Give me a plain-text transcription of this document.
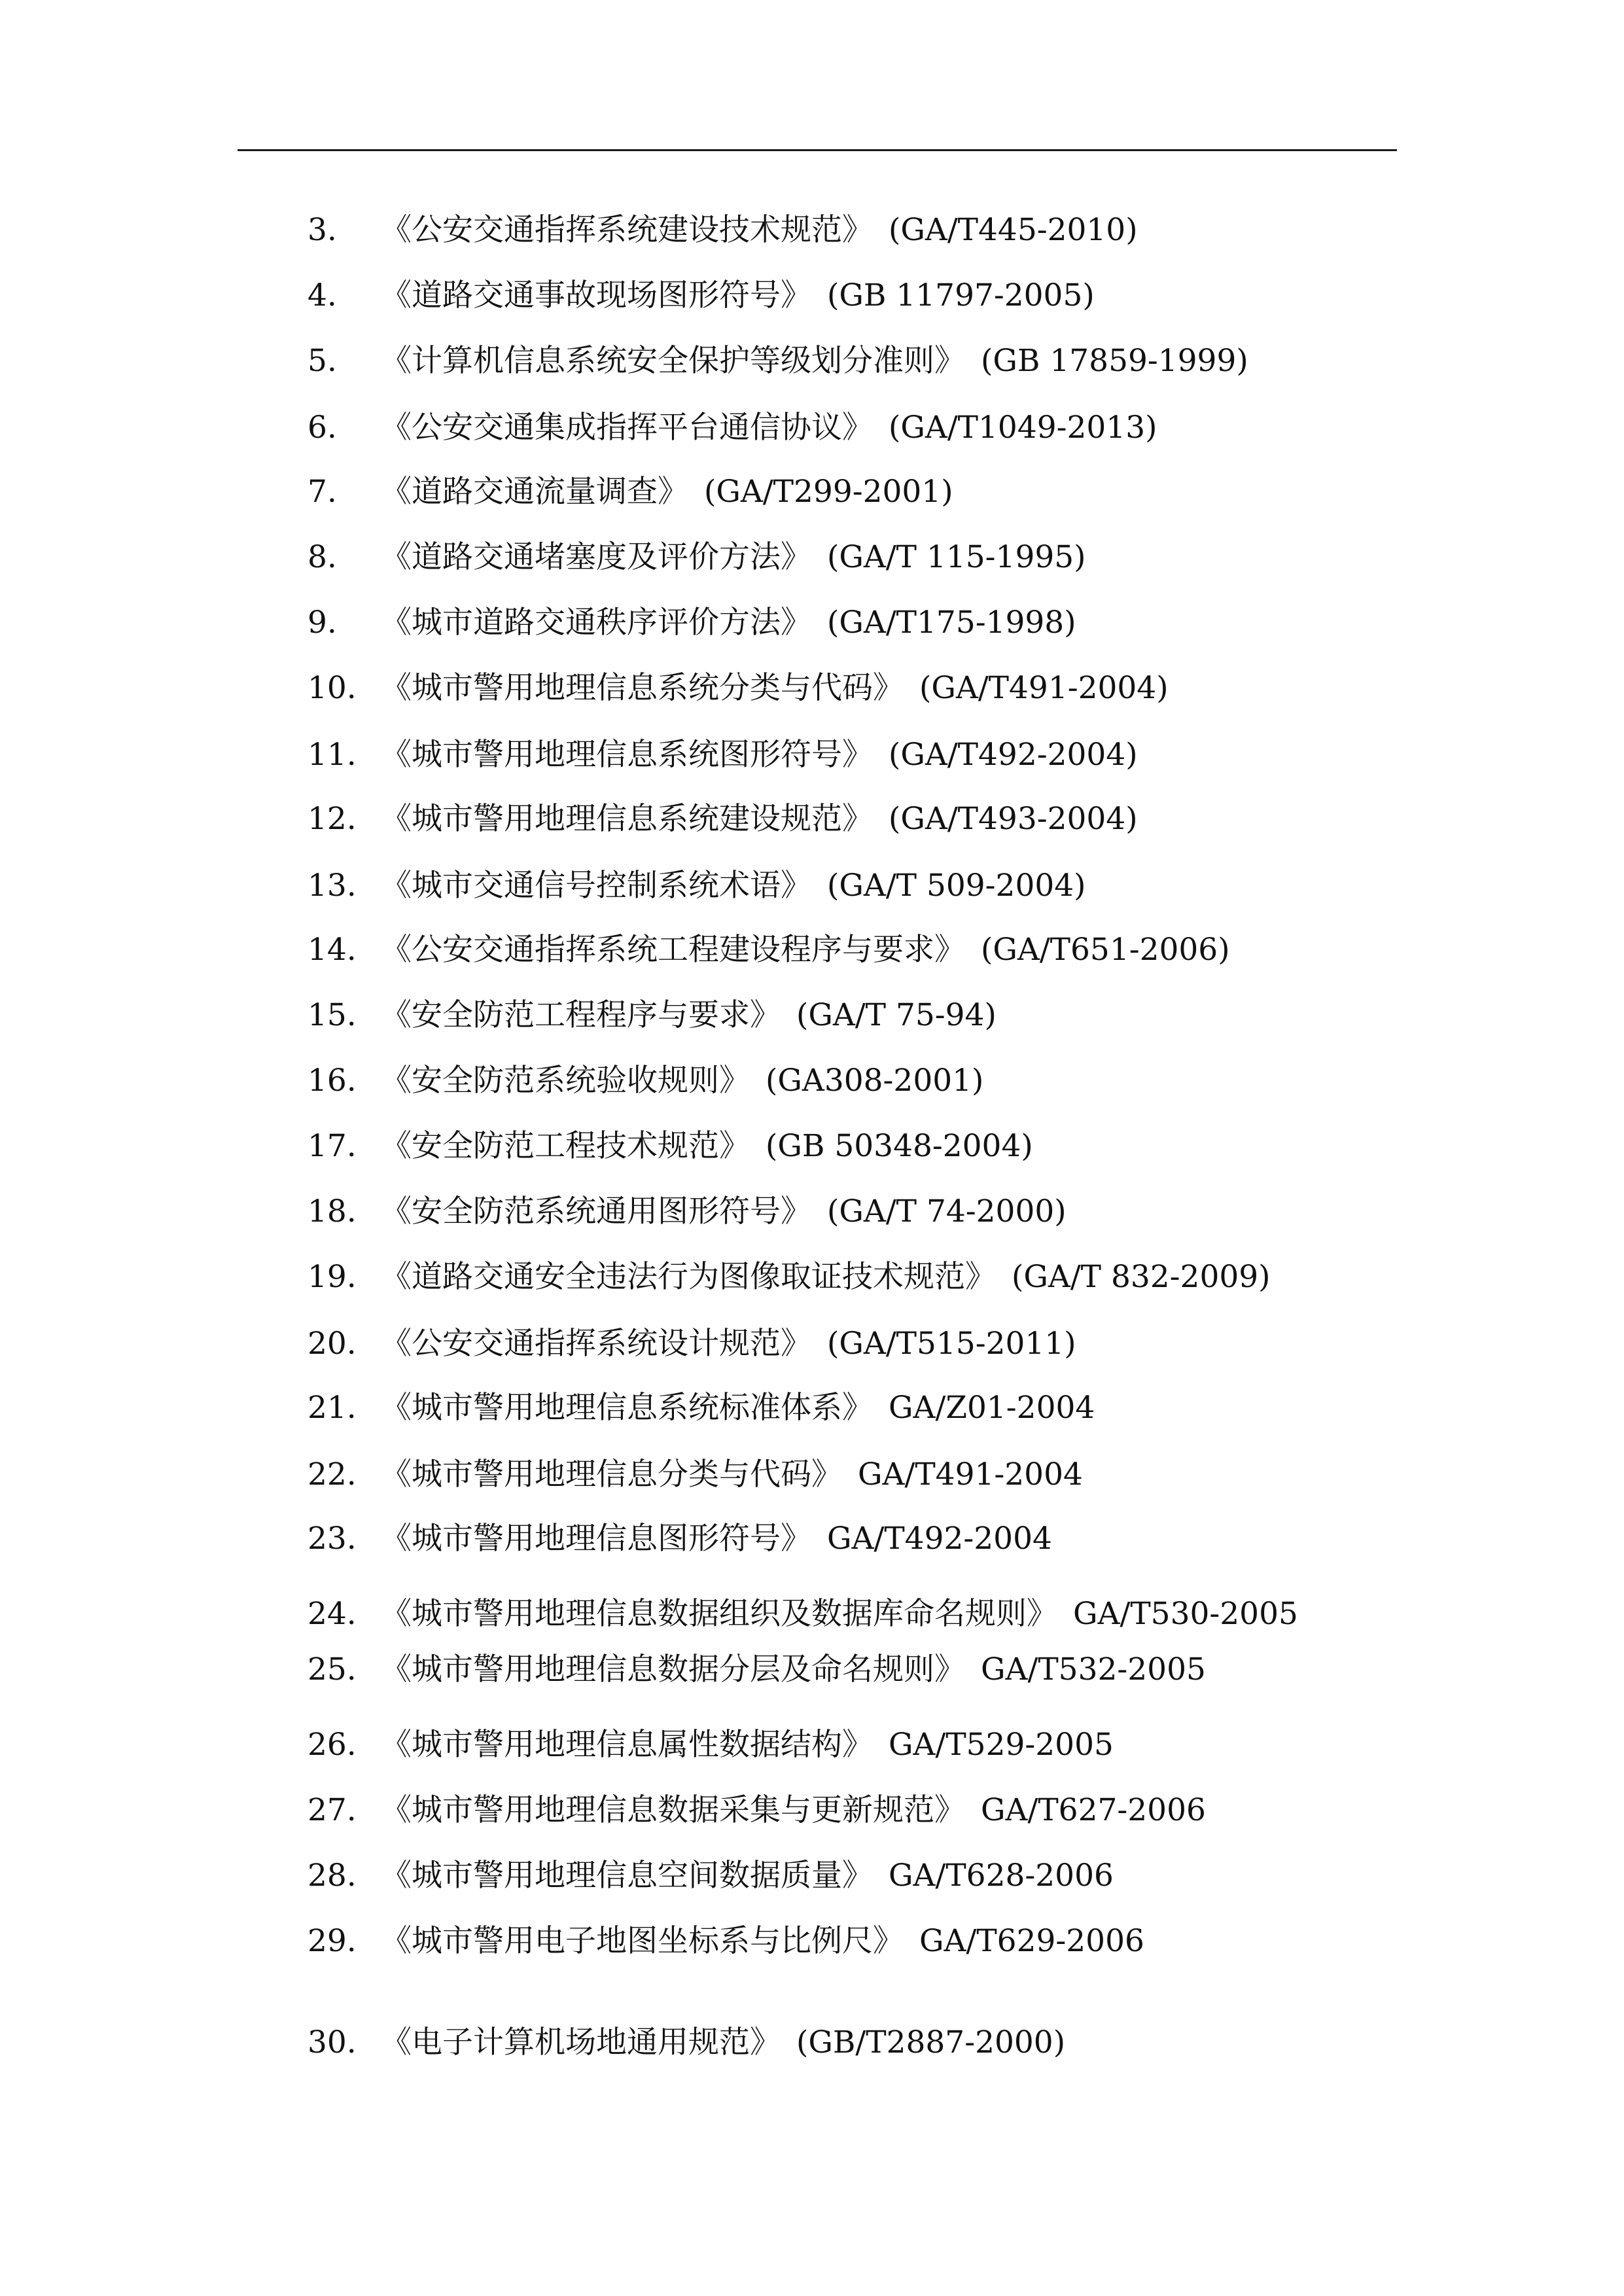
3. 《公安交通指挥系统建设技术规范》 (GA/T445-2010)
4. 《道路交通事故现场图形符号》 (GB 11797-2005)
5. 《计算机信息系统安全保护等级划分准则》 (GB 17859-1999)
6. 《公安交通集成指挥平台通信协议》 (GA/T1049-2013)
7. 《道路交通流量调查》 (GA/T299-2001)
8. 《道路交通堵塞度及评价方法》 (GA/T 115-1995)
9. 《城市道路交通秩序评价方法》 (GA/T175-1998)
10. 《城市警用地理信息系统分类与代码》 (GA/T491-2004)
11. 《城市警用地理信息系统图形符号》 (GA/T492-2004)
12. 《城市警用地理信息系统建设规范》 (GA/T493-2004)
13. 《城市交通信号控制系统术语》 (GA/T 509-2004)
14. 《公安交通指挥系统工程建设程序与要求》 (GA/T651-2006)
15. 《安全防范工程程序与要求》 (GA/T 75-94)
16. 《安全防范系统验收规则》 (GA308-2001)
17. 《安全防范工程技术规范》 (GB 50348-2004)
18. 《安全防范系统通用图形符号》 (GA/T 74-2000)
19. 《道路交通安全违法行为图像取证技术规范》 (GA/T 832-2009)
20. 《公安交通指挥系统设计规范》 (GA/T515-2011)
21. 《城市警用地理信息系统标准体系》 GA/Z01-2004
22. 《城市警用地理信息分类与代码》 GA/T491-2004
23. 《城市警用地理信息图形符号》 GA/T492-2004
24. 《城市警用地理信息数据组织及数据库命名规则》 GA/T530-2005
25. 《城市警用地理信息数据分层及命名规则》 GA/T532-2005
26. 《城市警用地理信息属性数据结构》 GA/T529-2005
27. 《城市警用地理信息数据采集与更新规范》 GA/T627-2006
28. 《城市警用地理信息空间数据质量》 GA/T628-2006
29. 《城市警用电子地图坐标系与比例尺》 GA/T629-2006
30. 《电子计算机场地通用规范》 (GB/T2887-2000)
